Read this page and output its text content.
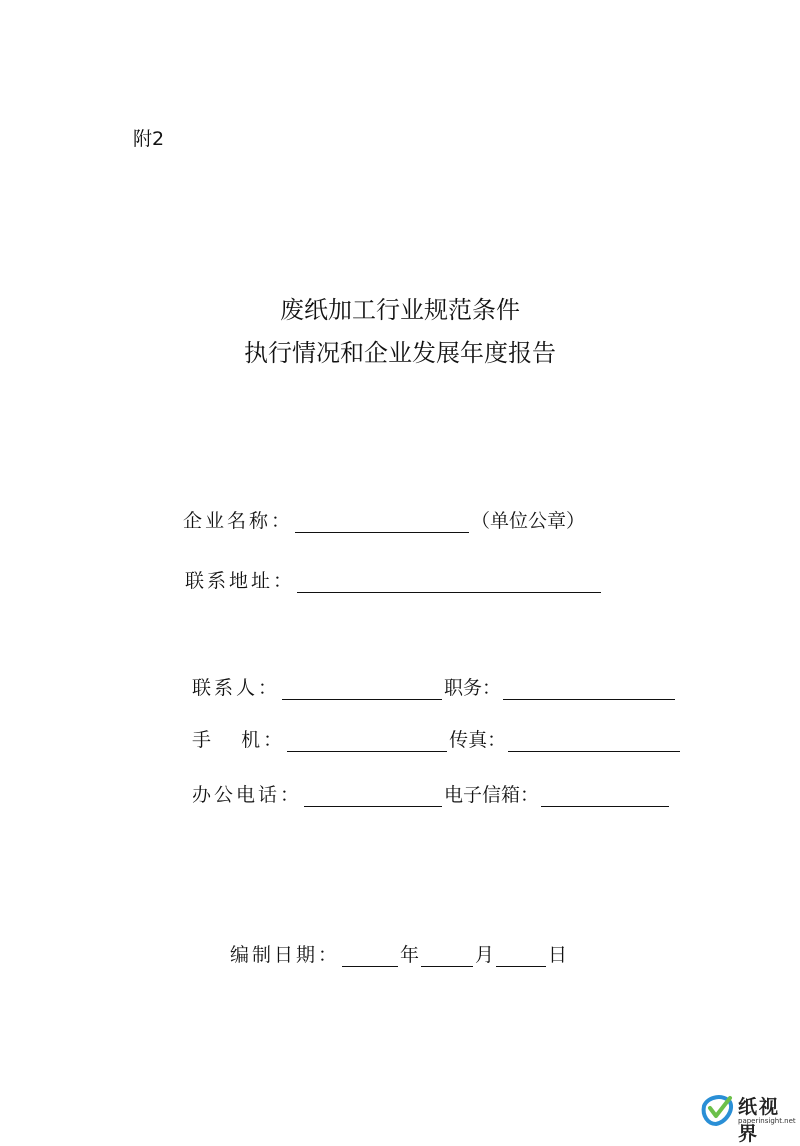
附2
废纸加工行业规范条件
执行情况和企业发展年度报告
企业名称：	（单位公章）
联系地址：
联系人：	职务：
手   机：	传真：
办公电话：	电子信箱：
编制日期：	年	月	日
纸视界
paperinsight.net
